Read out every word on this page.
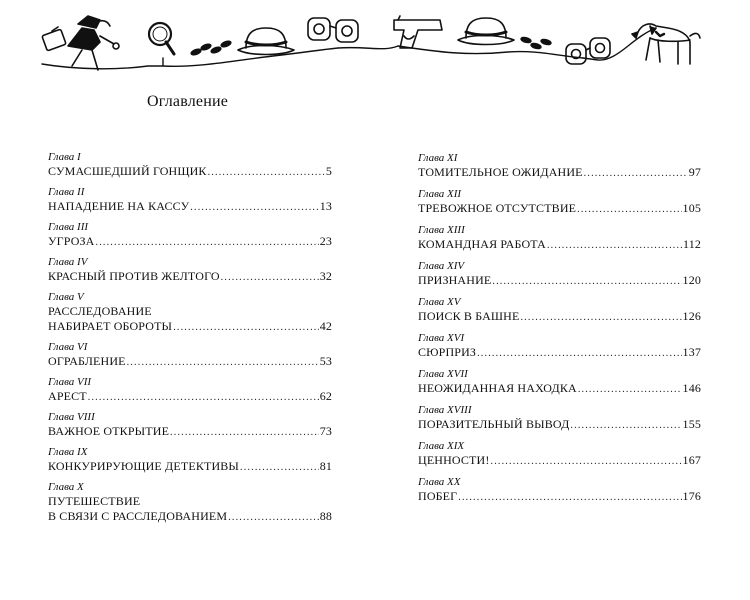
Оглавление
Глава I
СУМАСШЕДШИЙ ГОНЩИК .....	5
Глава II
НАПАДЕНИЕ НА КАССУ .....	13
Глава III
УГРОЗА .....	23
Глава IV
КРАСНЫЙ ПРОТИВ ЖЕЛТОГО .....	32
Глава V
РАССЛЕДОВАНИЕ
НАБИРАЕТ ОБОРОТЫ .....	42
Глава VI
ОГРАБЛЕНИЕ .....	53
Глава VII
АРЕСТ .....	62
Глава VIII
ВАЖНОЕ ОТКРЫТИЕ .....	73
Глава IX
КОНКУРИРУЮЩИЕ ДЕТЕКТИВЫ .....	81
Глава X
ПУТЕШЕСТВИЕ
В СВЯЗИ С РАССЛЕДОВАНИЕМ .....	88
Глава XI
ТОМИТЕЛЬНОЕ ОЖИДАНИЕ .....	97
Глава XII
ТРЕВОЖНОЕ ОТСУТСТВИЕ .....	105
Глава XIII
КОМАНДНАЯ РАБОТА .....	112
Глава XIV
ПРИЗНАНИЕ .....	120
Глава XV
ПОИСК В БАШНЕ .....	126
Глава XVI
СЮРПРИЗ .....	137
Глава XVII
НЕОЖИДАННАЯ НАХОДКА .....	146
Глава XVIII
ПОРАЗИТЕЛЬНЫЙ ВЫВОД .....	155
Глава XIX
ЦЕННОСТИ! .....	167
Глава XX
ПОБЕГ .....	176
